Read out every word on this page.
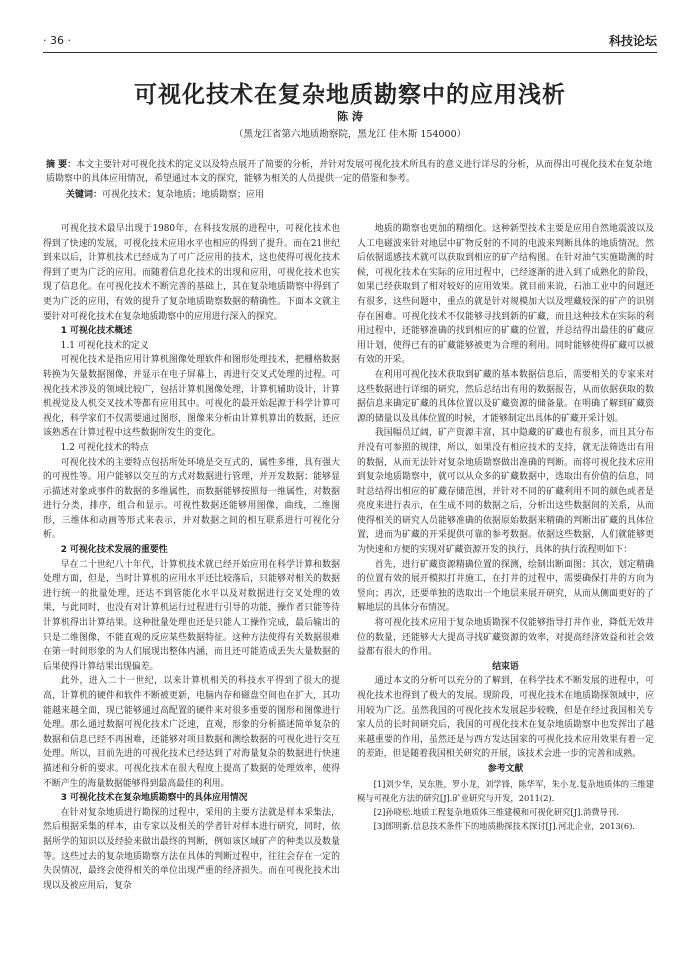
· 36 ·	科技论坛
可视化技术在复杂地质勘察中的应用浅析
陈 涛
（黑龙江省第六地质勘察院，黑龙江 佳木斯 154000）
摘 要：本文主要针对可视化技术的定义以及特点展开了简要的分析，并针对发展可视化技术所具有的意义进行详尽的分析，从而得出可视化技术在复杂地质勘察中的具体应用情况，希望通过本文的探究，能够为相关的人员提供一定的借鉴和参考。
关键词：可视化技术；复杂地质；地质勘察；应用

可视化技术最早出现于1980年，在科技发展的进程中，可视化技术也得到了快速的发展，可视化技术应用水平也相应的得到了提升。而在21世纪到来以后，计算机技术已经成为了可广泛应用的技术，这也使得可视化技术得到了更为广泛的应用。而随着信息化技术的出现和应用，可视化技术也实现了信息化。在可视化技术不断完善的基础上，其在复杂地质勘察中得到了更为广泛的应用，有效的提升了复杂地质勘察数据的精确性。下面本文就主要针对可视化技术在复杂地质勘察中的应用进行深入的探究。

1 可视化技术概述
1.1 可视化技术的定义

可视化技术是指应用计算机图像处理软件和图形处理技术，把栅格数据转换为矢量数据图像，并显示在电子屏幕上，再进行交叉式处理的过程。可视化技术涉及的领域比较广，包括计算机图像处理，计算机辅助设计，计算机视觉及人机交叉技术等都有应用其中。可视化的最开始起源于科学计算可视化，科学家们不仅需要通过图形，图像来分析由计算机算出的数据，还应该熟悉在计算过程中这些数据所发生的变化。

1.2 可视化技术的特点

可视化技术的主要特点包括所处环境是交互式的，属性多维，具有强大的可视性等。用户能够以交互的方式对数据进行管理，并开发数据；能够显示描述对象或事件的数据的多维属性，而数据能够按照每一维属性，对数据进行分类，排序，组合和显示。可视性数据还能够用图像，曲线，二维图形，三维体和动画等形式来表示，并对数据之间的相互联系进行可视化分析。

2 可视化技术发展的重要性

早在二十世纪八十年代，计算机技术就已经开始应用在科学计算和数据处理方面，但是，当时计算机的应用水平还比较落后，只能够对相关的数据进行统一的批量处理，还达不到管能化水平以及对数据进行交叉处理的效果，与此同时，也没有对计算机运行过程进行引导的功能，操作者只能等待计算机得出计算结果。这种批量处理也还是只能人工操作完成，最后输出的只是二维图像，不能直观的反应某些数据特征。这种方法使得有关数据很难在第一时间形象的为人们展现出整体内涵，而且还可能造成丢失大量数据的后果使得计算结果出现偏差。

此外，进入二十一世纪，以来计算机相关的科技水平得到了很大的提高，计算机的硬件和软件不断被更新，电脑内存和磁盘空间也在扩大，其功能越来越全面，现已能够通过高配置的硬件来对很多重要的图形和图像进行处理。那么通过数据可视化技术广泛速，直观，形象的分析描述简单复杂的数据和信息已经不再困难，还能够对项目数据和测绘数据的可视化进行交互处理。所以，目前先进的可视化技术已经达到了对海量复杂的数据进行快速描述和分析的要求。可视化技术在很大程度上提高了数据的处理效率，使得不断产生的海量数据能够得到最高最佳的利用。

3 可视化技术在复杂地质勘察中的具体应用情况

在针对复杂地质进行勘探的过程中，采用的主要方法就是样本采集法，然后根据采集的样本，由专家以及相关的学者针对样本进行研究，同时，依据所学的知识以及经验来做出最终的判断，例如该区域矿产的种类以及数量等。这些过去的复杂地质勘察方法在具体的判断过程中，往往会存在一定的失误情况，最终会使得相关的单位出现严重的经济损失。而在可视化技术出现以及被应用后，复杂

地质的勘察也更加的精细化。这种新型技术主要是应用自然地震波以及人工电磁波来针对地层中矿物反射的不同的电波来判断具体的地质情况。然后依据遥感技术就可以获取到相应的矿产结构图。在针对油气实施勘测的时候，可视化技术在实际的应用过程中，已经逐渐的进入到了成熟化的阶段，如果已经获取到了相对较好的应用效果。就目前来说，石油工业中的问题还有很多，这些问题中，重点的就是针对规模加大以及埋藏较深的矿产的识别存在困难。可视化技术不仅能够寻找到新的矿藏，而且这种技术在实际的利用过程中，还能够准确的找到相应的矿藏的位置，并总结得出最佳的矿藏应用计划，使得已有的矿藏能够被更为合理的利用。同时能够使得矿藏可以被有效的开采。

在利用可视化技术获取到矿藏的基本数据信息后，需要相关的专家来对这些数据进行详细的研究，然后总结出有用的数据报告，从而依据获取的数据信息来确定矿藏的具体位置以及矿藏资源的储备量。在明确了解到矿藏资源的储量以及具体位置的时候，才能够制定出具体的矿藏开采计划。

我国幅员辽阔，矿产资源丰富，其中隐藏的矿藏也有很多，而且其分布并没有可参照的规律，所以，如果没有相应技术的支持，就无法筛选出有用的数据，从而无法针对复杂地质勘察做出准确的判断。而将可视化技术应用到复杂地质勘察中，就可以从众多的矿藏数据中，选取出有价值的信息，同时总结得出相应的矿藏存储范围，并针对不同的矿藏利用不同的颜色或者是亮度来进行表示，在生成不同的数据之后，分析出这些数据间的关系，从而使得相关的研究人员能够准确的依据原始数据来精确的判断出矿藏的具体位置，进而为矿藏的开采提供可靠的参考数据。依据这些数据，人们就能够更为快速和方便的实现对矿藏资源开发的执行，具体的执行流程则如下：

首先，进行矿藏资源精确位置的探测，绘制出断面图；其次，划定精确的位置有效的展开模拟打井施工，在打井的过程中，需要确保打井的方向为竖向；再次，还要单独的选取出一个地层来展开研究，从而从侧面更好的了解地层的具体分布情况。

将可视化技术应用于复杂地质勘探不仅能够指导打井作业，降低无效井位的数量，还能够大大提高寻找矿藏资源的效率，对提高经济效益和社会效益都有很大的作用。

结束语

通过本文的分析可以充分的了解到，在科学技术不断发展的进程中，可视化技术也得到了极大的发展。现阶段，可视化技术在地质勘探领域中，应用较为广泛。虽然我国的可视化技术发展起步较晚，但是在经过我国相关专家人员的长时间研究后，我国的可视化技术在复杂地质勘察中也发挥出了越来越重要的作用，虽然还是与西方发达国家的可视化技术应用效果有着一定的差距，但是随着我国相关研究的开展，该技术会进一步的完善和成熟。

参考文献

[1]刘少华，吴东胜，罗小龙，刘学锋，陈华军，朱小龙.复杂地质体的三维建模与可视化方法的研究[J].矿业研究与开发，2011(2).

[2]孙晓松.地质工程复杂地质体三维建模和可视化研究[J].消费导刊.

[3]郎明新.信息技术条件下的地质勘探技术探讨[J].河北企业，2013(6).
